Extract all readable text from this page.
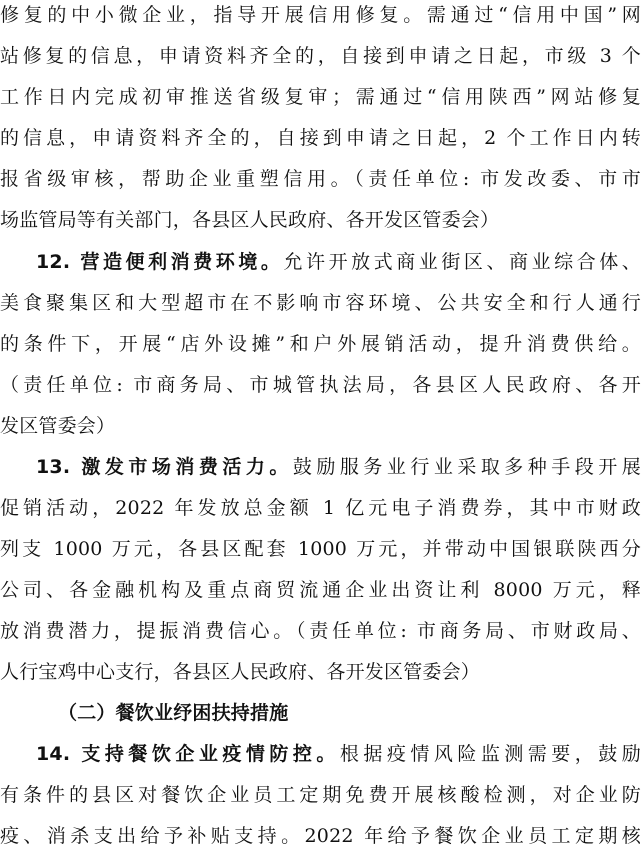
修复的中小微企业，指导开展信用修复。需通过“信用中国”网
站修复的信息，申请资料齐全的，自接到申请之日起，市级 3 个
工作日内完成初审推送省级复审；需通过“信用陕西”网站修复
的信息，申请资料齐全的，自接到申请之日起，2 个工作日内转
报省级审核，帮助企业重塑信用。（责任单位: 市发改委、市市
场监管局等有关部门，各县区人民政府、各开发区管委会）
12. 营造便利消费环境。允许开放式商业街区、商业综合体、
美食聚集区和大型超市在不影响市容环境、公共安全和行人通行
的条件下，开展“店外设摊”和户外展销活动，提升消费供给。
（责任单位: 市商务局、市城管执法局，各县区人民政府、各开
发区管委会）
13. 激发市场消费活力。鼓励服务业行业采取多种手段开展
促销活动，2022 年发放总金额 1 亿元电子消费券，其中市财政
列支 1000 万元，各县区配套 1000 万元，并带动中国银联陕西分
公司、各金融机构及重点商贸流通企业出资让利 8000 万元，释
放消费潜力，提振消费信心。（责任单位: 市商务局、市财政局、
人行宝鸡中心支行，各县区人民政府、各开发区管委会）
（二）餐饮业纾困扶持措施
14. 支持餐饮企业疫情防控。根据疫情风险监测需要，鼓励
有条件的县区对餐饮企业员工定期免费开展核酸检测，对企业防
疫、消杀支出给予补贴支持。2022 年给予餐饮企业员工定期核
